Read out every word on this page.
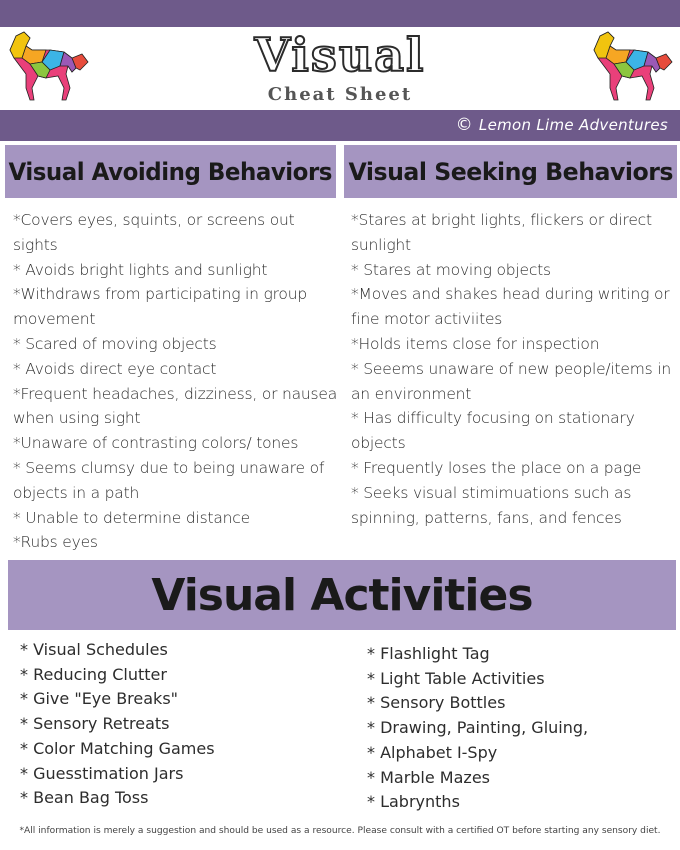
Visual
Cheat Sheet
© Lemon Lime Adventures
Visual Avoiding Behaviors Visual Seeking Behaviors
*Covers eyes, squints, or screens out sights
* Avoids bright lights and sunlight
*Withdraws from participating in group movement
* Scared of moving objects
* Avoids direct eye contact
*Frequent headaches, dizziness, or nausea when using sight
*Unaware of contrasting colors/ tones
* Seems clumsy due to being unaware of objects in a path
* Unable to determine distance
*Rubs eyes
*Stares at bright lights, flickers or direct sunlight
* Stares at moving objects
*Moves and shakes head during writing or fine motor activiites
*Holds items close for inspection
* Seeems unaware of new people/items in an environment
* Has difficulty focusing on stationary objects
* Frequently loses the place on a page
* Seeks visual stimimuations such as spinning, patterns, fans, and fences
Visual Activities
* Visual Schedules
* Reducing Clutter
* Give "Eye Breaks"
* Sensory Retreats
* Color Matching Games
* Guesstimation Jars
* Bean Bag Toss
* Flashlight Tag
* Light Table Activities
* Sensory Bottles
* Drawing, Painting, Gluing,
* Alphabet I-Spy
* Marble Mazes
* Labrynths
*All information is merely a suggestion and should be used as a resource. Please consult with a certified OT before starting any sensory diet.
